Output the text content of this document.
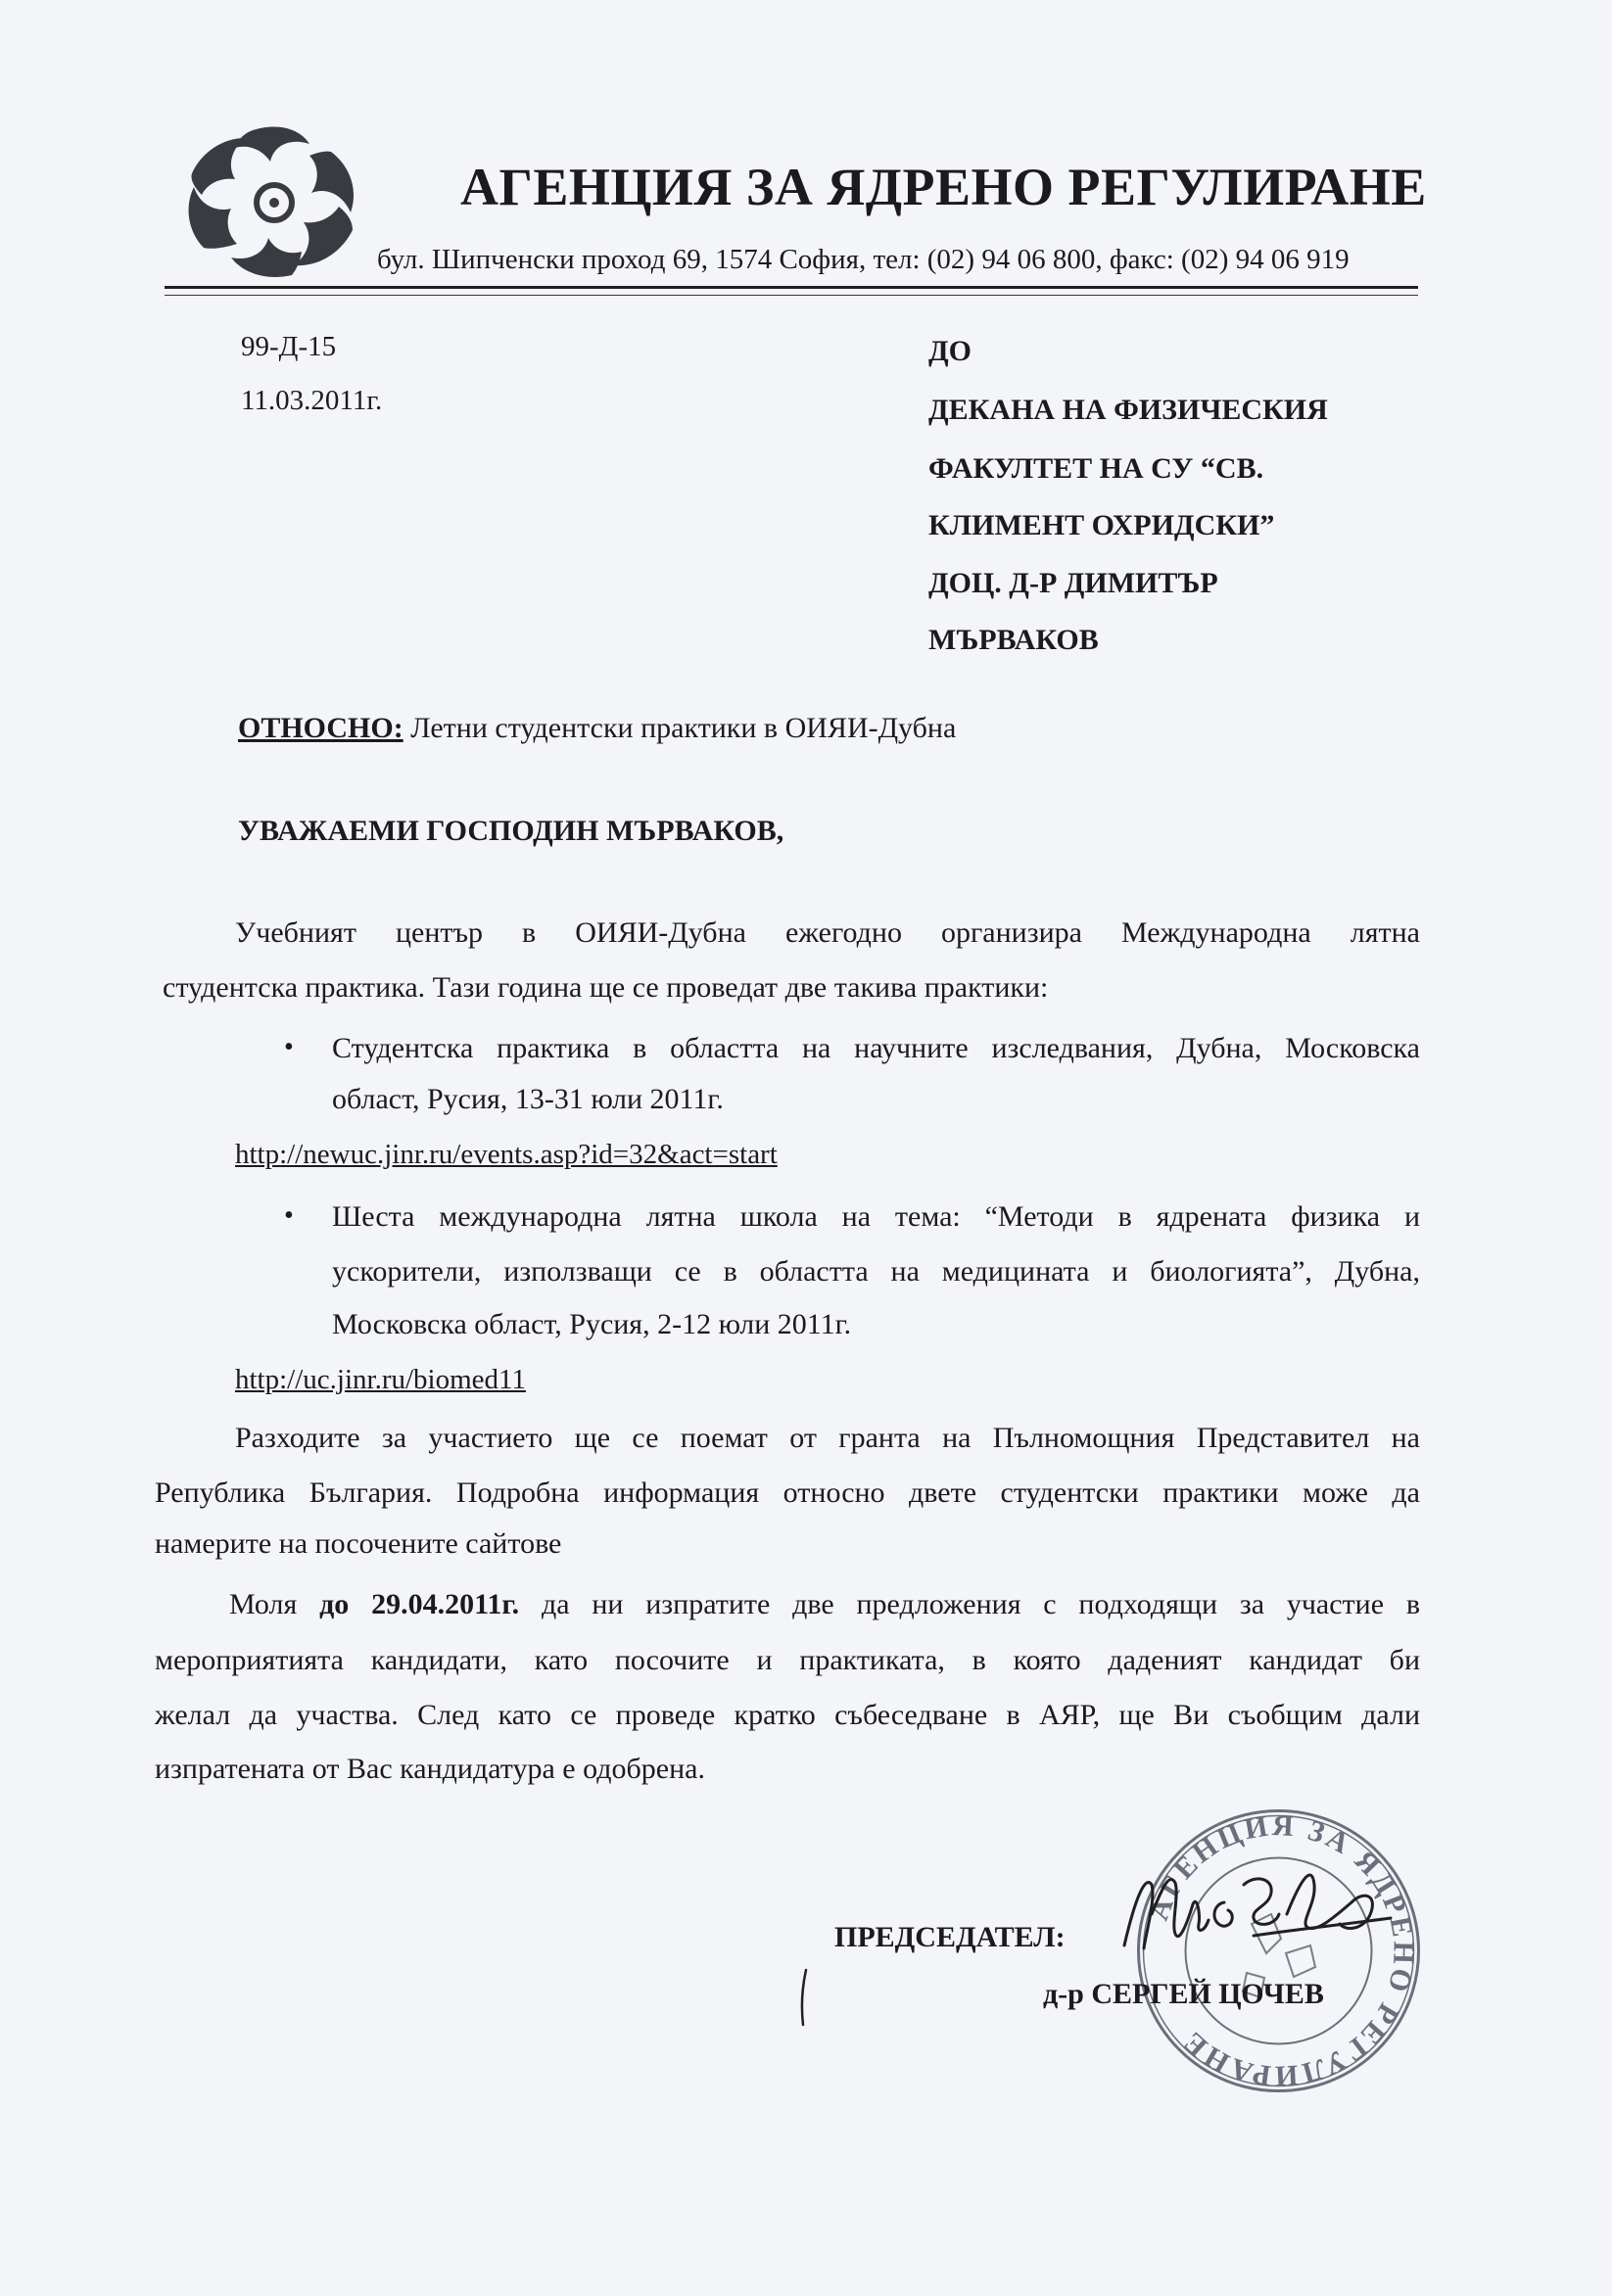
АГЕНЦИЯ ЗА ЯДРЕНО РЕГУЛИРАНЕ
бул. Шипченски проход 69, 1574 София, тел: (02) 94 06 800, факс: (02) 94 06 919
99-Д-15
11.03.2011г.
ДО
ДЕКАНА НА ФИЗИЧЕСКИЯ
ФАКУЛТЕТ НА СУ “СВ.
КЛИМЕНТ ОХРИДСКИ”
ДОЦ. Д-Р ДИМИТЪР
МЪРВАКОВ
ОТНОСНО: Летни студентски практики в ОИЯИ-Дубна
УВАЖАЕМИ ГОСПОДИН МЪРВАКОВ,
Учебният център в ОИЯИ-Дубна ежегодно организира Международна лятна
студентска практика. Тази година ще се проведат две такива практики:
• Студентска практика в областта на научните изследвания, Дубна, Московска
област, Русия, 13-31 юли 2011г.
http://newuc.jinr.ru/events.asp?id=32&act=start
• Шеста международна лятна школа на тема: “Методи в ядрената физика и
ускорители, използващи се в областта на медицината и биологията”, Дубна,
Московска област, Русия, 2-12 юли 2011г.
http://uc.jinr.ru/biomed11
Разходите за участието ще се поемат от гранта на Пълномощния Представител на
Република България. Подробна информация относно двете студентски практики може да
намерите на посочените сайтове
Моля до 29.04.2011г. да ни изпратите две предложения с подходящи за участие в
мероприятията кандидати, като посочите и практиката, в която даденият кандидат би
желал да участва. След като се проведе кратко събеседване в АЯР, ще Ви съобщим дали
изпратената от Вас кандидатура е одобрена.
АГЕНЦИЯ ЗА ЯДРЕНО РЕГУЛИРАНЕ
ПРЕДСЕДАТЕЛ:
д-р СЕРГЕЙ ЦОЧЕВ
